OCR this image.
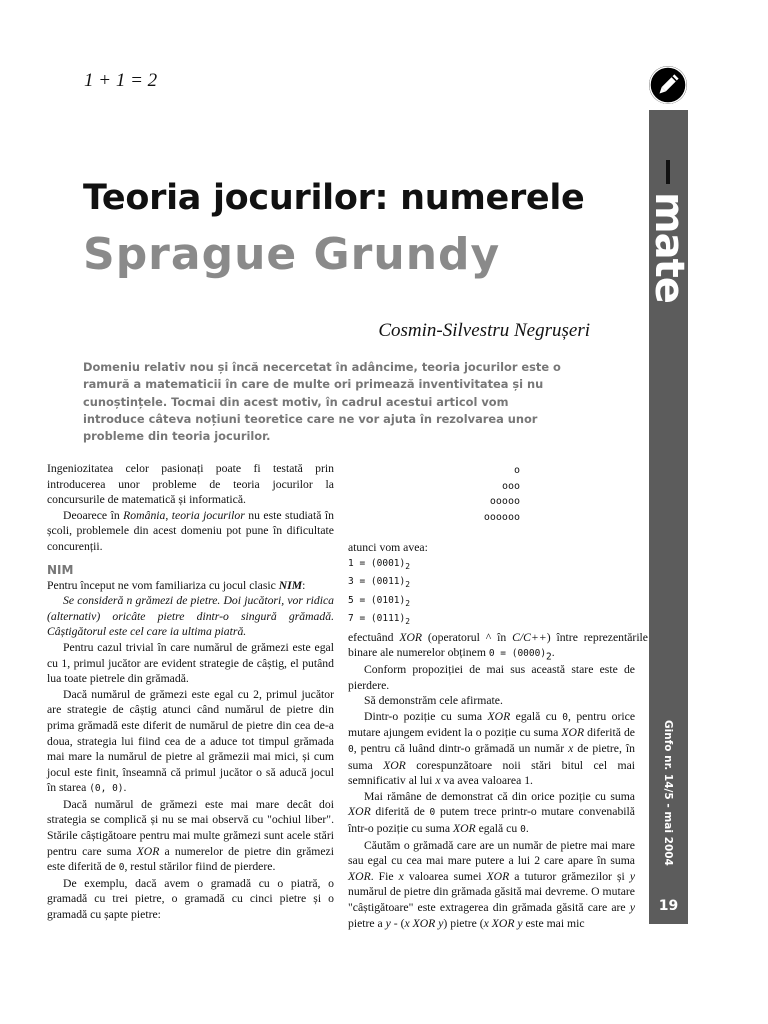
1 + 1 = 2
Teoria jocurilor: numerele
Sprague Grundy
Cosmin-Silvestru Negrușeri
Domeniu relativ nou și încă necercetat în adâncime, teoria jocurilor este o ramură a matematicii în care de multe ori primează inventivitatea și nu cunoștințele. Tocmai din acest motiv, în cadrul acestui articol vom introduce câteva noțiuni teoretice care ne vor ajuta în rezolvarea unor probleme din teoria jocurilor.

Ingeniozitatea celor pasionați poate fi testată prin introducerea unor probleme de teoria jocurilor la concursurile de matematică și informatică.

Deoarece în România, teoria jocurilor nu este studiată în școli, problemele din acest domeniu pot pune în dificultate concurenții.

NIM

Pentru început ne vom familiariza cu jocul clasic NIM:

Se consideră n grămezi de pietre. Doi jucători, vor ridica (alternativ) oricâte pietre dintr-o singură grămadă. Câștigătorul este cel care ia ultima piatră.

Pentru cazul trivial în care numărul de grămezi este egal cu 1, primul jucător are evident strategie de câștig, el putând lua toate pietrele din grămadă.

Dacă numărul de grămezi este egal cu 2, primul jucător are strategie de câștig atunci când numărul de pietre din prima grămadă este diferit de numărul de pietre din cea de-a doua, strategia lui fiind cea de a aduce tot timpul grămada mai mare la numărul de pietre al grămezii mai mici, și cum jocul este finit, înseamnă că primul jucător o să aducă jocul în starea (0, 0).

Dacă numărul de grămezi este mai mare decât doi strategia se complică și nu se mai observă cu "ochiul liber". Stările câștigătoare pentru mai multe grămezi sunt acele stări pentru care suma XOR a numerelor de pietre din grămezi este diferită de 0, restul stărilor fiind de pierdere.

De exemplu, dacă avem o gramadă cu o piatră, o gramadă cu trei pietre, o gramadă cu cinci pietre și o gramadă cu șapte pietre:

o
ooo
ooooo
oooooo
atunci vom avea:
$1 = (0001)_2$
$3 = (0011)_2$
$5 = (0101)_2$
$7 = (0111)_2$
efectuând XOR (operatorul ^ în C/C++) între reprezentările binare ale numerelor obținem $0 = (0000)_2$.

Conform propoziției de mai sus această stare este de pierdere.

Să demonstrăm cele afirmate.

Dintr-o poziție cu suma XOR egală cu 0, pentru orice mutare ajungem evident la o poziție cu suma XOR diferită de 0, pentru că luând dintr-o grămadă un număr x de pietre, în suma XOR corespunzătoare noii stări bitul cel mai semnificativ al lui x va avea valoarea 1.

Mai rămâne de demonstrat că din orice poziție cu suma XOR diferită de 0 putem trece printr-o mutare convenabilă într-o poziție cu suma XOR egală cu 0.

Căutăm o grămadă care are un număr de pietre mai mare sau egal cu cea mai mare putere a lui 2 care apare în suma XOR. Fie x valoarea sumei XOR a tuturor grămezilor și y numărul de pietre din grămada găsită mai devreme. O mutare "câștigătoare" este extragerea din grămada găsită care are y pietre a y - (x XOR y) pietre (x XOR y este mai mic

mate
Ginfo nr. 14/5 - mai 2004
19
